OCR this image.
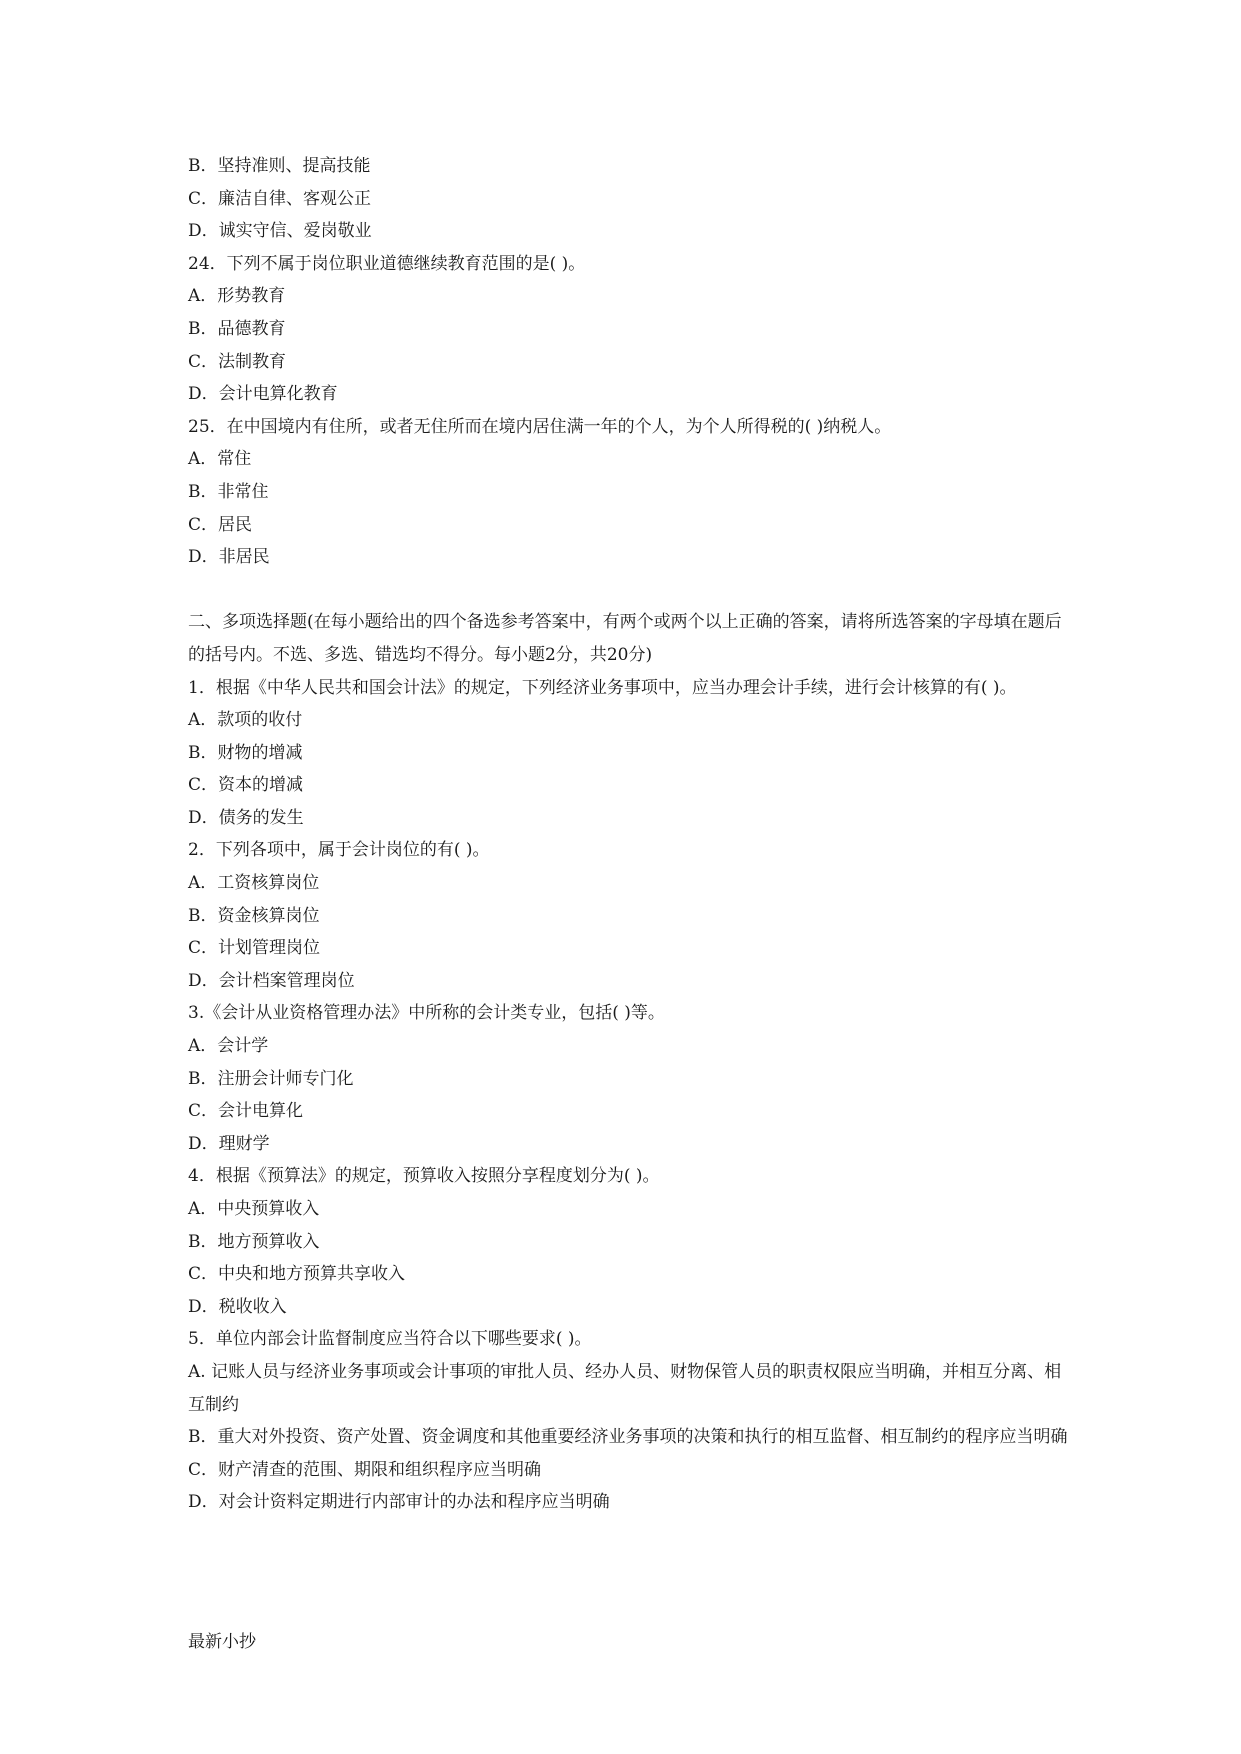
B．坚持准则、提高技能
C．廉洁自律、客观公正
D．诚实守信、爱岗敬业
24．下列不属于岗位职业道德继续教育范围的是( )。
A．形势教育
B．品德教育
C．法制教育
D．会计电算化教育
25．在中国境内有住所，或者无住所而在境内居住满一年的个人，为个人所得税的( )纳税人。
A．常住
B．非常住
C．居民
D．非居民
二、多项选择题(在每小题给出的四个备选参考答案中，有两个或两个以上正确的答案，请将所选答案的字母填在题后的括号内。不选、多选、错选均不得分。每小题2分，共20分)
1．根据《中华人民共和国会计法》的规定，下列经济业务事项中，应当办理会计手续，进行会计核算的有( )。
A．款项的收付
B．财物的增减
C．资本的增减
D．债务的发生
2．下列各项中，属于会计岗位的有( )。
A．工资核算岗位
B．资金核算岗位
C．计划管理岗位
D．会计档案管理岗位
3.《会计从业资格管理办法》中所称的会计类专业，包括( )等。
A．会计学
B．注册会计师专门化
C．会计电算化
D．理财学
4．根据《预算法》的规定，预算收入按照分享程度划分为( )。
A．中央预算收入
B．地方预算收入
C．中央和地方预算共享收入
D．税收收入
5．单位内部会计监督制度应当符合以下哪些要求( )。
A. 记账人员与经济业务事项或会计事项的审批人员、经办人员、财物保管人员的职责权限应当明确，并相互分离、相互制约
B．重大对外投资、资产处置、资金调度和其他重要经济业务事项的决策和执行的相互监督、相互制约的程序应当明确
C．财产清查的范围、期限和组织程序应当明确
D．对会计资料定期进行内部审计的办法和程序应当明确
最新小抄
